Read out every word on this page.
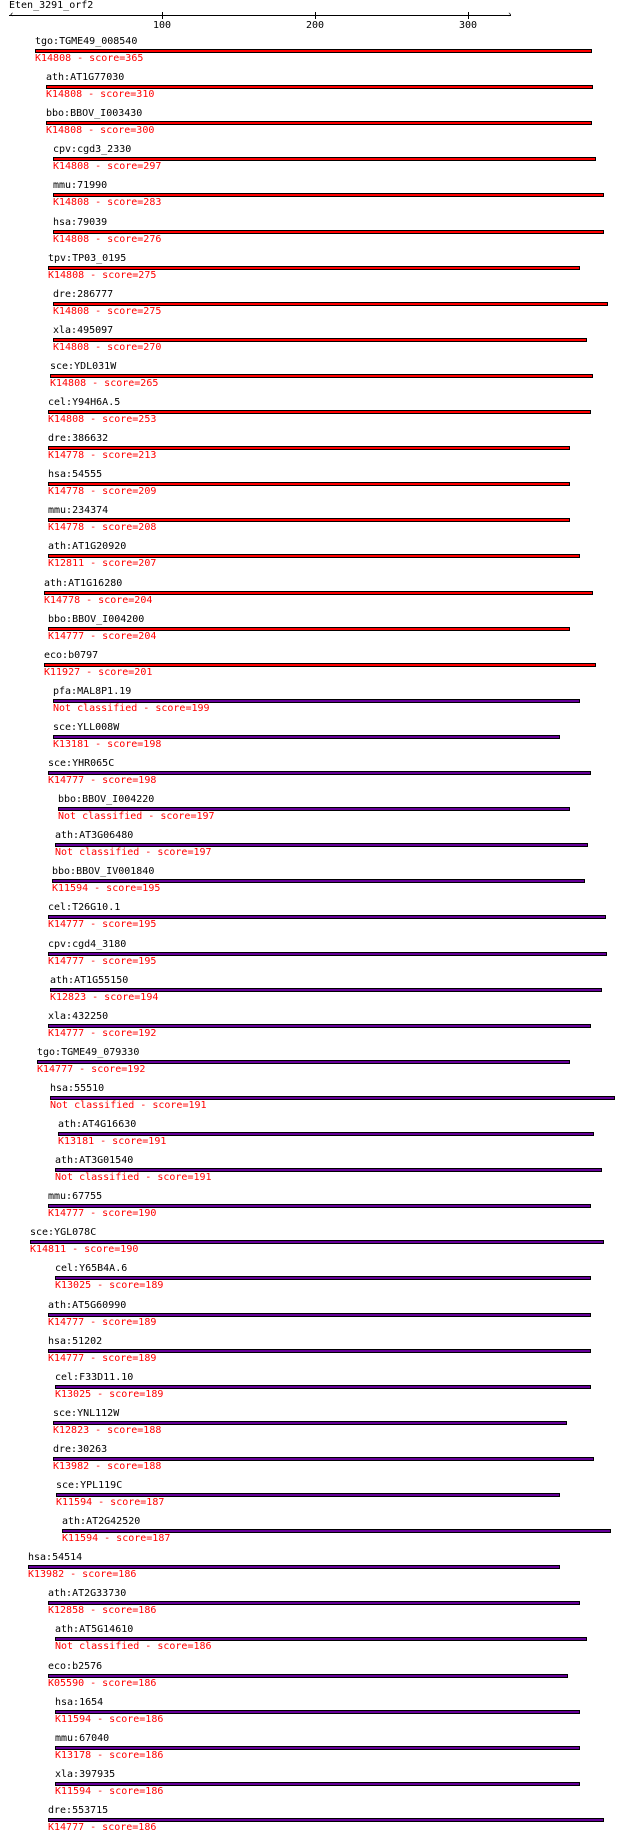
Eten_3291_orf2
‹	›
100	200	300
tgo:TGME49_008540
K14808 - score=365
ath:AT1G77030
K14808 - score=310
bbo:BBOV_I003430
K14808 - score=300
cpv:cgd3_2330
K14808 - score=297
mmu:71990
K14808 - score=283
hsa:79039
K14808 - score=276
tpv:TP03_0195
K14808 - score=275
dre:286777
K14808 - score=275
xla:495097
K14808 - score=270
sce:YDL031W
K14808 - score=265
cel:Y94H6A.5
K14808 - score=253
dre:386632
K14778 - score=213
hsa:54555
K14778 - score=209
mmu:234374
K14778 - score=208
ath:AT1G20920
K12811 - score=207
ath:AT1G16280
K14778 - score=204
bbo:BBOV_I004200
K14777 - score=204
eco:b0797
K11927 - score=201
pfa:MAL8P1.19
Not classified - score=199
sce:YLL008W
K13181 - score=198
sce:YHR065C
K14777 - score=198
bbo:BBOV_I004220
Not classified - score=197
ath:AT3G06480
Not classified - score=197
bbo:BBOV_IV001840
K11594 - score=195
cel:T26G10.1
K14777 - score=195
cpv:cgd4_3180
K14777 - score=195
ath:AT1G55150
K12823 - score=194
xla:432250
K14777 - score=192
tgo:TGME49_079330
K14777 - score=192
hsa:55510
Not classified - score=191
ath:AT4G16630
K13181 - score=191
ath:AT3G01540
Not classified - score=191
mmu:67755
K14777 - score=190
sce:YGL078C
K14811 - score=190
cel:Y65B4A.6
K13025 - score=189
ath:AT5G60990
K14777 - score=189
hsa:51202
K14777 - score=189
cel:F33D11.10
K13025 - score=189
sce:YNL112W
K12823 - score=188
dre:30263
K13982 - score=188
sce:YPL119C
K11594 - score=187
ath:AT2G42520
K11594 - score=187
hsa:54514
K13982 - score=186
ath:AT2G33730
K12858 - score=186
ath:AT5G14610
Not classified - score=186
eco:b2576
K05590 - score=186
hsa:1654
K11594 - score=186
mmu:67040
K13178 - score=186
xla:397935
K11594 - score=186
dre:553715
K14777 - score=186
